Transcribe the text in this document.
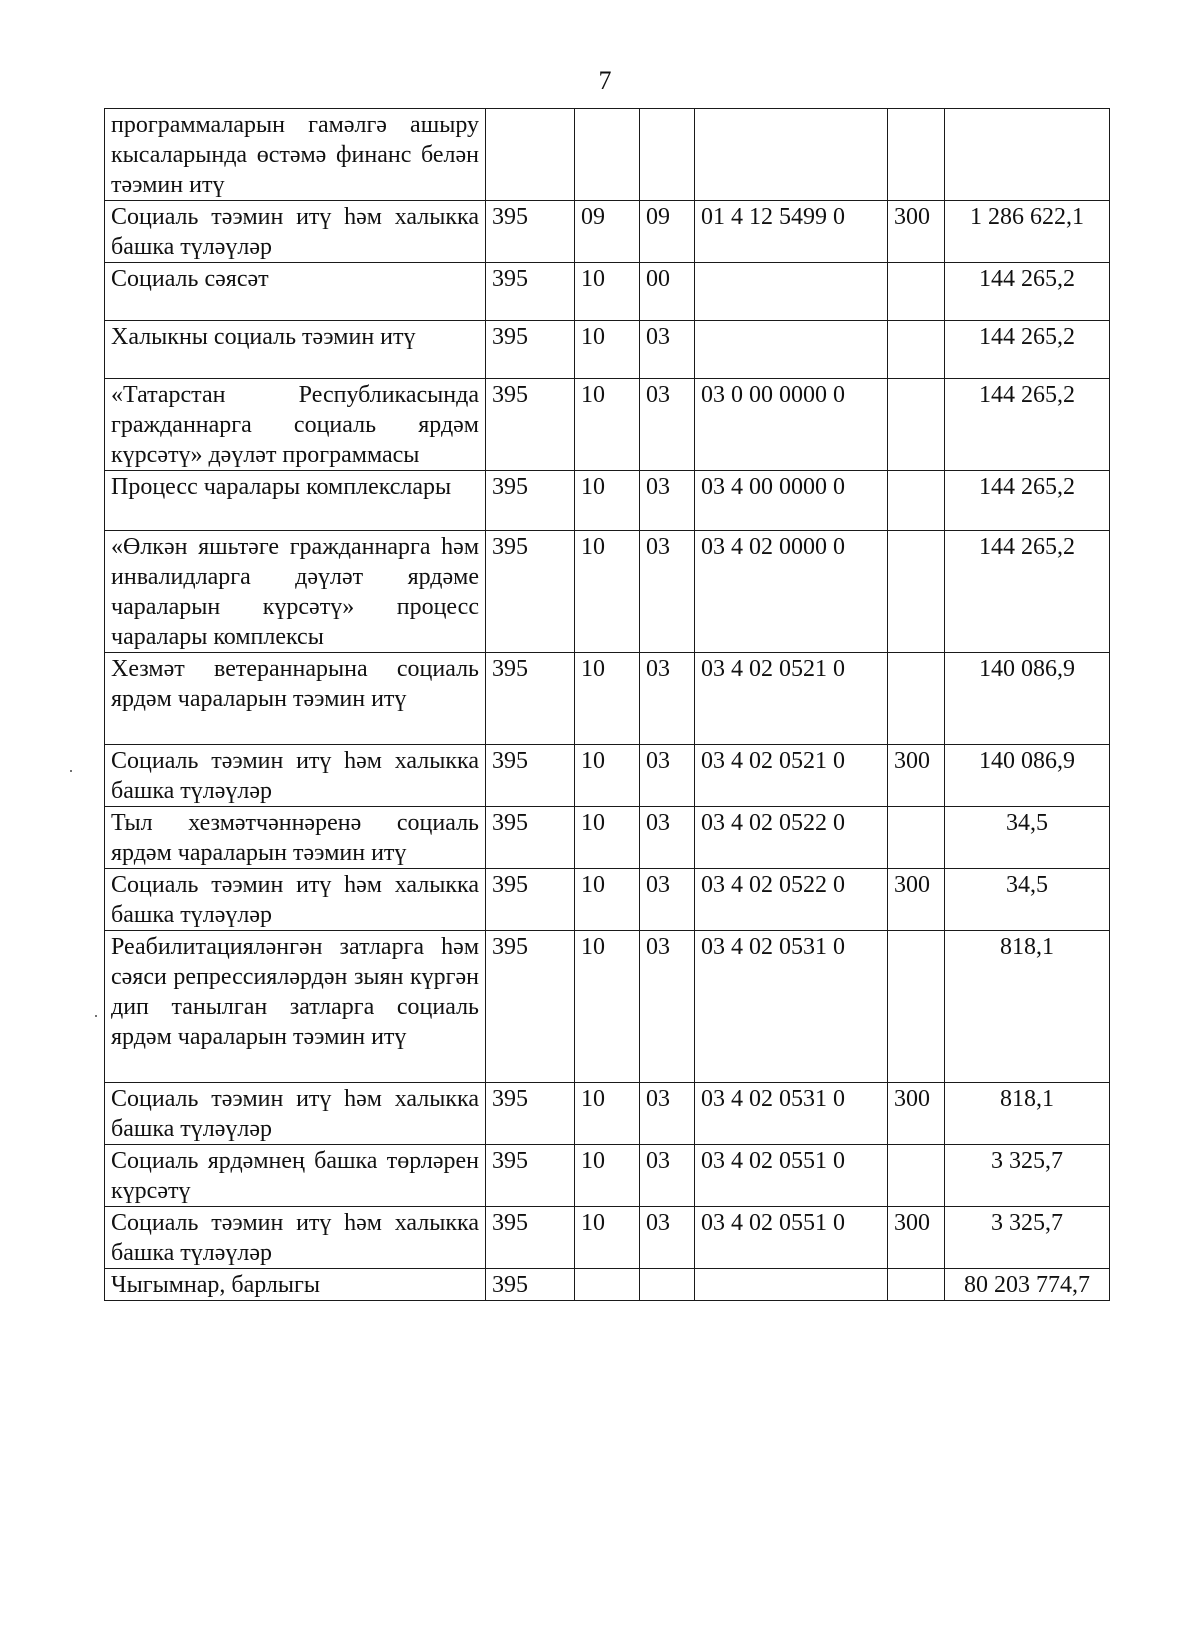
7
программаларын гамәлгә ашыру кысаларында өстәмә финанс белән тәэмин итү						
Социаль тәэмин итү һәм халыкка башка түләүләр	395	09	09	01 4 12 5499 0	300	1 286 622,1
Социаль сәясәт	395	10	00			144 265,2
Халыкны социаль тәэмин итү	395	10	03			144 265,2
«Татарстан Республикасында гражданнарга социаль ярдәм күрсәтү» дәүләт программасы	395	10	03	03 0 00 0000 0		144 265,2
Процесс чаралары комплекслары	395	10	03	03 4 00 0000 0		144 265,2
«Өлкән яшьтәге гражданнарга һәм инвалидларга дәүләт ярдәме чараларын күрсәтү» процесс чаралары комплексы	395	10	03	03 4 02 0000 0		144 265,2
Хезмәт ветераннарына социаль ярдәм чараларын тәэмин итү	395	10	03	03 4 02 0521 0		140 086,9
Социаль тәэмин итү һәм халыкка башка түләүләр	395	10	03	03 4 02 0521 0	300	140 086,9
Тыл хезмәтчәннәренә социаль ярдәм чараларын тәэмин итү	395	10	03	03 4 02 0522 0		34,5
Социаль тәэмин итү һәм халыкка башка түләүләр	395	10	03	03 4 02 0522 0	300	34,5
Реабилитацияләнгән затларга һәм сәяси репрессияләрдән зыян күргән дип танылган затларга социаль ярдәм чараларын тәэмин итү	395	10	03	03 4 02 0531 0		818,1
Социаль тәэмин итү һәм халыкка башка түләүләр	395	10	03	03 4 02 0531 0	300	818,1
Социаль ярдәмнең башка төрләрен күрсәтү	395	10	03	03 4 02 0551 0		3 325,7
Социаль тәэмин итү һәм халыкка башка түләүләр	395	10	03	03 4 02 0551 0	300	3 325,7
Чыгымнар, барлыгы	395					80 203 774,7
